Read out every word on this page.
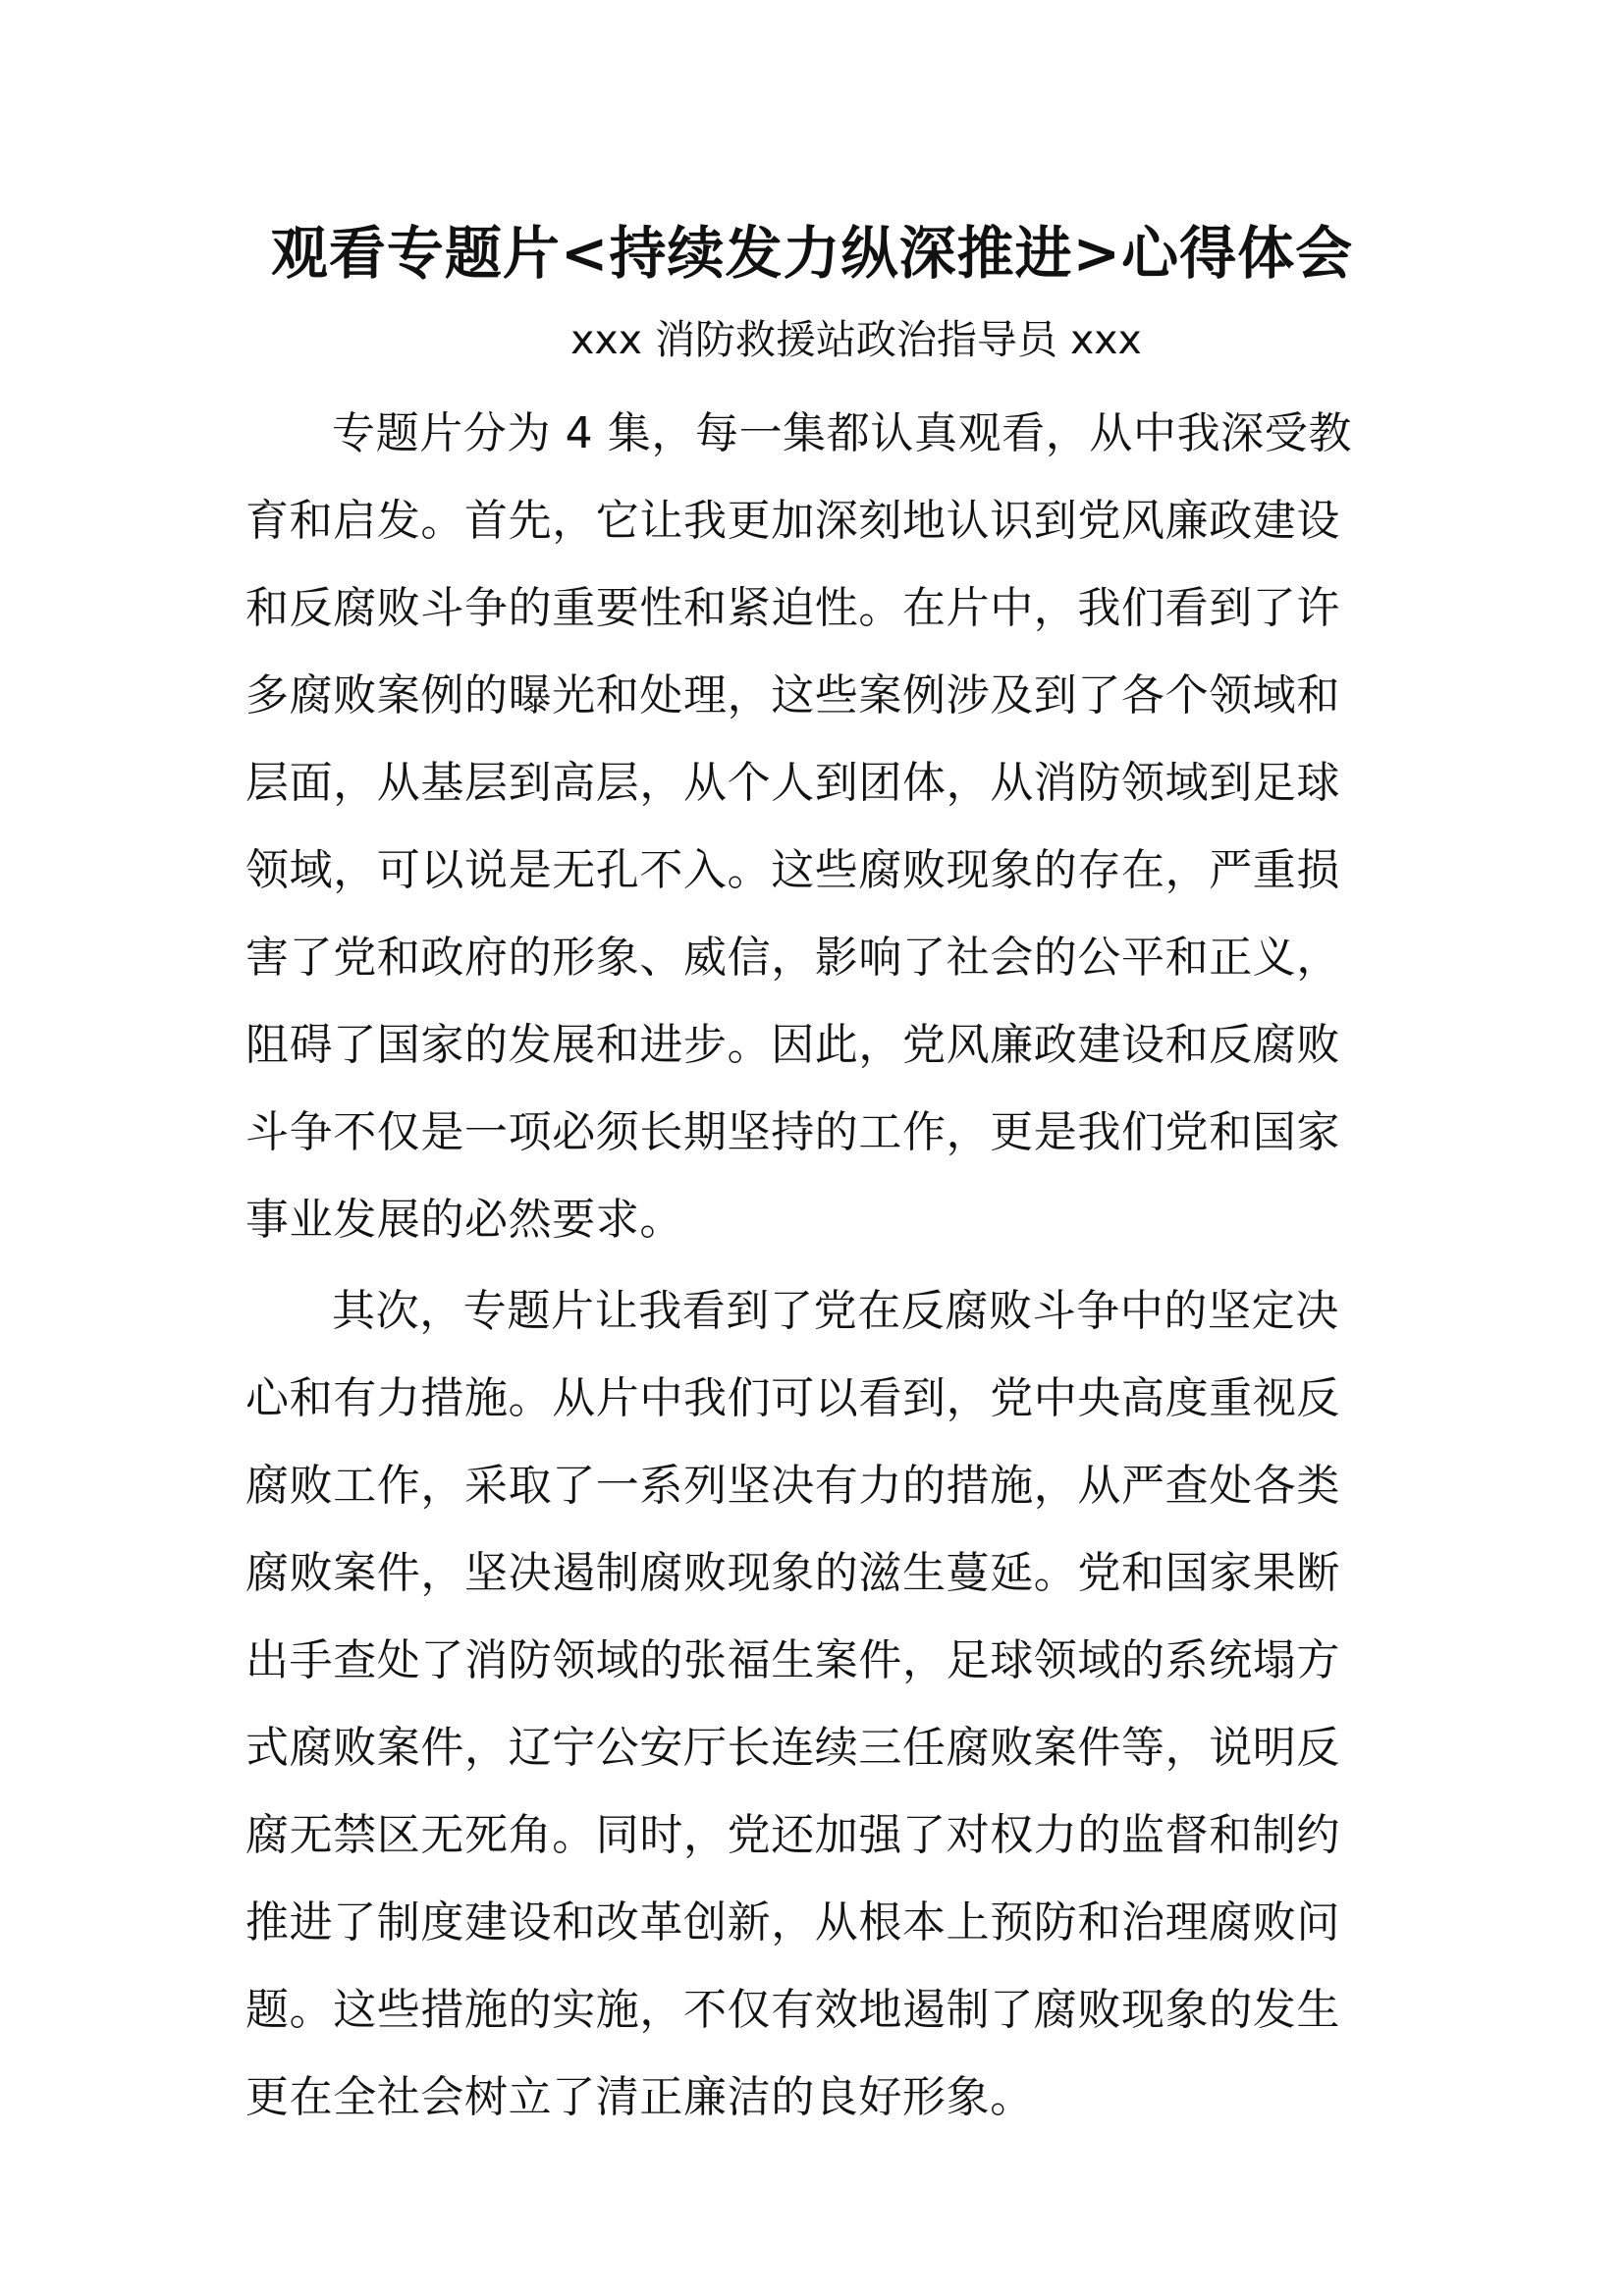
观看专题片<持续发力纵深推进>心得体会

xxx 消防救援站政治指导员 xxx

专题片分为 4 集，每一集都认真观看，从中我深受教
育和启发。首先，它让我更加深刻地认识到党风廉政建设
和反腐败斗争的重要性和紧迫性。在片中，我们看到了许
多腐败案例的曝光和处理，这些案例涉及到了各个领域和
层面，从基层到高层，从个人到团体，从消防领域到足球
领域，可以说是无孔不入。这些腐败现象的存在，严重损
害了党和政府的形象、威信，影响了社会的公平和正义，
阻碍了国家的发展和进步。因此，党风廉政建设和反腐败
斗争不仅是一项必须长期坚持的工作，更是我们党和国家
事业发展的必然要求。
其次，专题片让我看到了党在反腐败斗争中的坚定决
心和有力措施。从片中我们可以看到，党中央高度重视反
腐败工作，采取了一系列坚决有力的措施，从严查处各类
腐败案件，坚决遏制腐败现象的滋生蔓延。党和国家果断
出手查处了消防领域的张福生案件，足球领域的系统塌方
式腐败案件，辽宁公安厅长连续三任腐败案件等，说明反
腐无禁区无死角。同时，党还加强了对权力的监督和制约
推进了制度建设和改革创新，从根本上预防和治理腐败问
题。这些措施的实施，不仅有效地遏制了腐败现象的发生
更在全社会树立了清正廉洁的良好形象。
